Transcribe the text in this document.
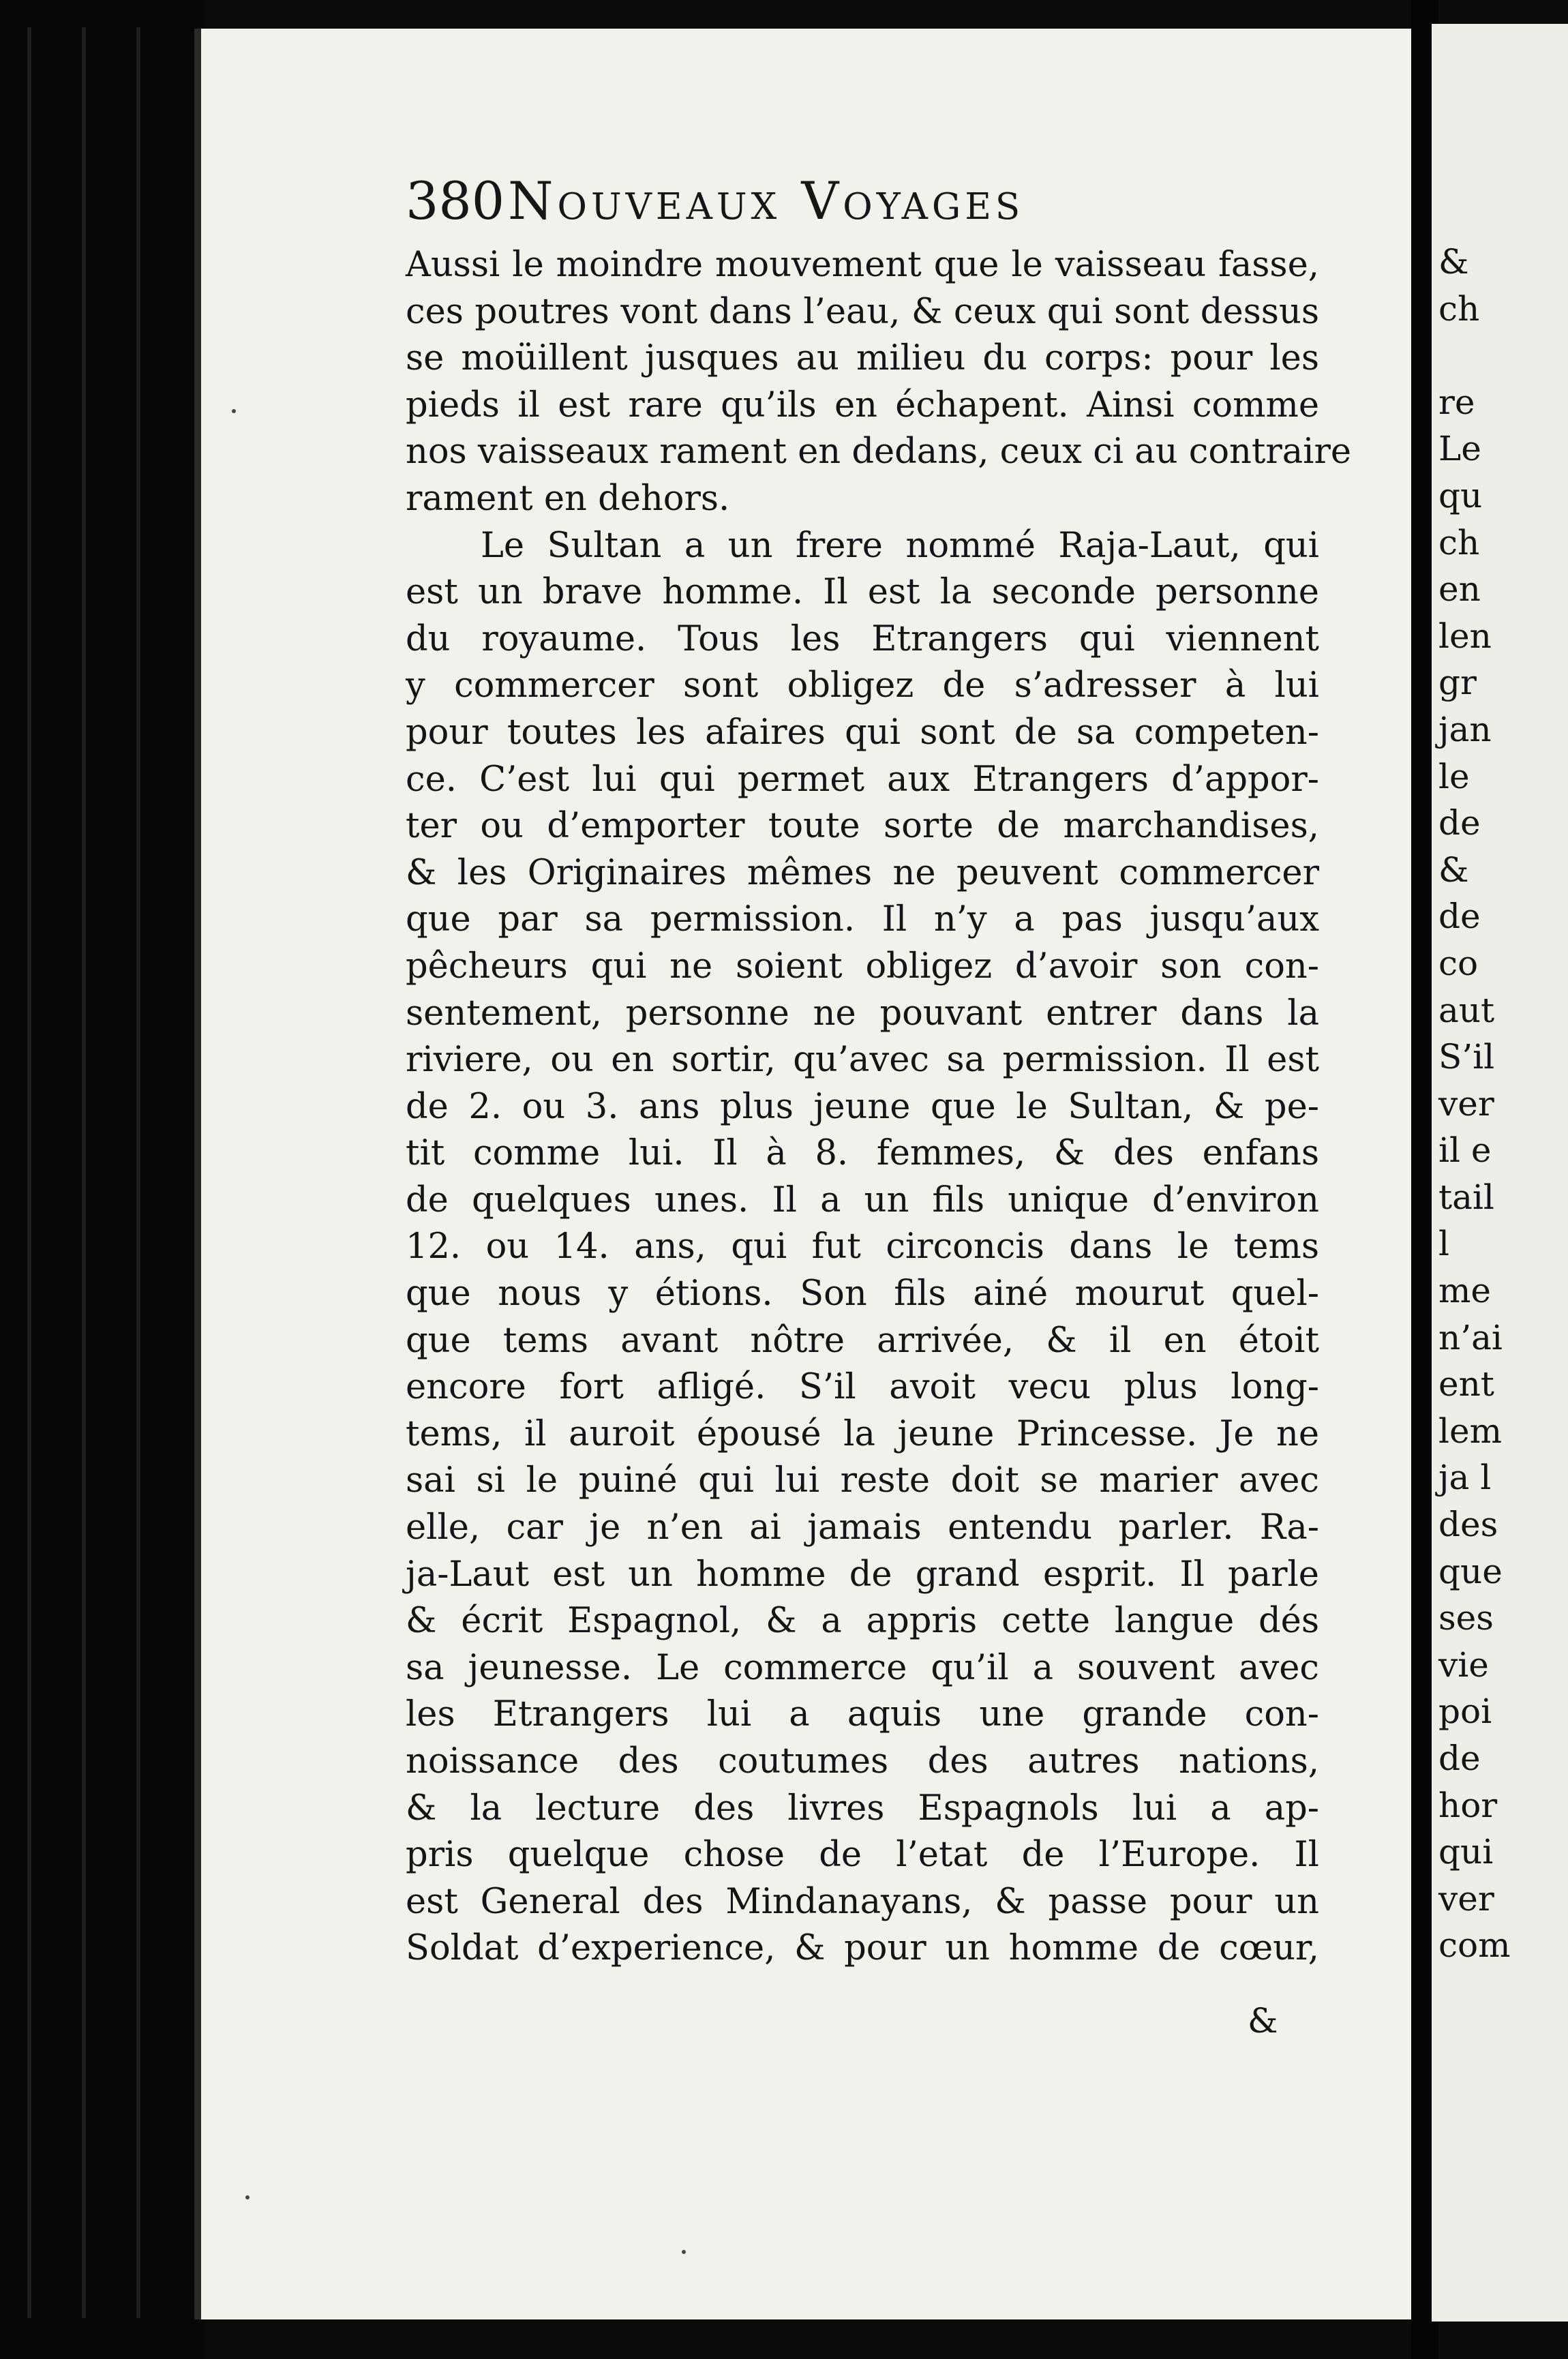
380 Nouveaux Voyages
Aussi le moindre mouvement que le vaisseau fasse,
ces poutres vont dans l’eau, & ceux qui sont dessus
se moüillent jusques au milieu du corps: pour les
pieds il est rare qu’ils en échapent. Ainsi comme
nos vaisseaux rament en dedans, ceux ci au contraire
rament en dehors.
Le Sultan a un frere nommé Raja-Laut, qui
est un brave homme. Il est la seconde personne
du royaume. Tous les Etrangers qui viennent
y commercer sont obligez de s’adresser à lui
pour toutes les afaires qui sont de sa competen-
ce. C’est lui qui permet aux Etrangers d’appor-
ter ou d’emporter toute sorte de marchandises,
& les Originaires mêmes ne peuvent commercer
que par sa permission. Il n’y a pas jusqu’aux
pêcheurs qui ne soient obligez d’avoir son con-
sentement, personne ne pouvant entrer dans la
riviere, ou en sortir, qu’avec sa permission. Il est
de 2. ou 3. ans plus jeune que le Sultan, & pe-
tit comme lui. Il à 8. femmes, & des enfans
de quelques unes. Il a un fils unique d’environ
12. ou 14. ans, qui fut circoncis dans le tems
que nous y étions. Son fils ainé mourut quel-
que tems avant nôtre arrivée, & il en étoit
encore fort afligé. S’il avoit vecu plus long-
tems, il auroit épousé la jeune Princesse. Je ne
sai si le puiné qui lui reste doit se marier avec
elle, car je n’en ai jamais entendu parler. Ra-
ja-Laut est un homme de grand esprit. Il parle
& écrit Espagnol, & a appris cette langue dés
sa jeunesse. Le commerce qu’il a souvent avec
les Etrangers lui a aquis une grande con-
noissance des coutumes des autres nations,
& la lecture des livres Espagnols lui a ap-
pris quelque chose de l’etat de l’Europe. Il
est General des Mindanayans, & passe pour un
Soldat d’experience, & pour un homme de cœur,
&
&
ch
re
Le
qu
ch
en
len
gr
jan
le
de
&
de
co
aut
S’il
ver
il e
tail
l
me
n’ai
ent
lem
ja l
des
que
ses
vie
poi
de
hor
qui
ver
com
